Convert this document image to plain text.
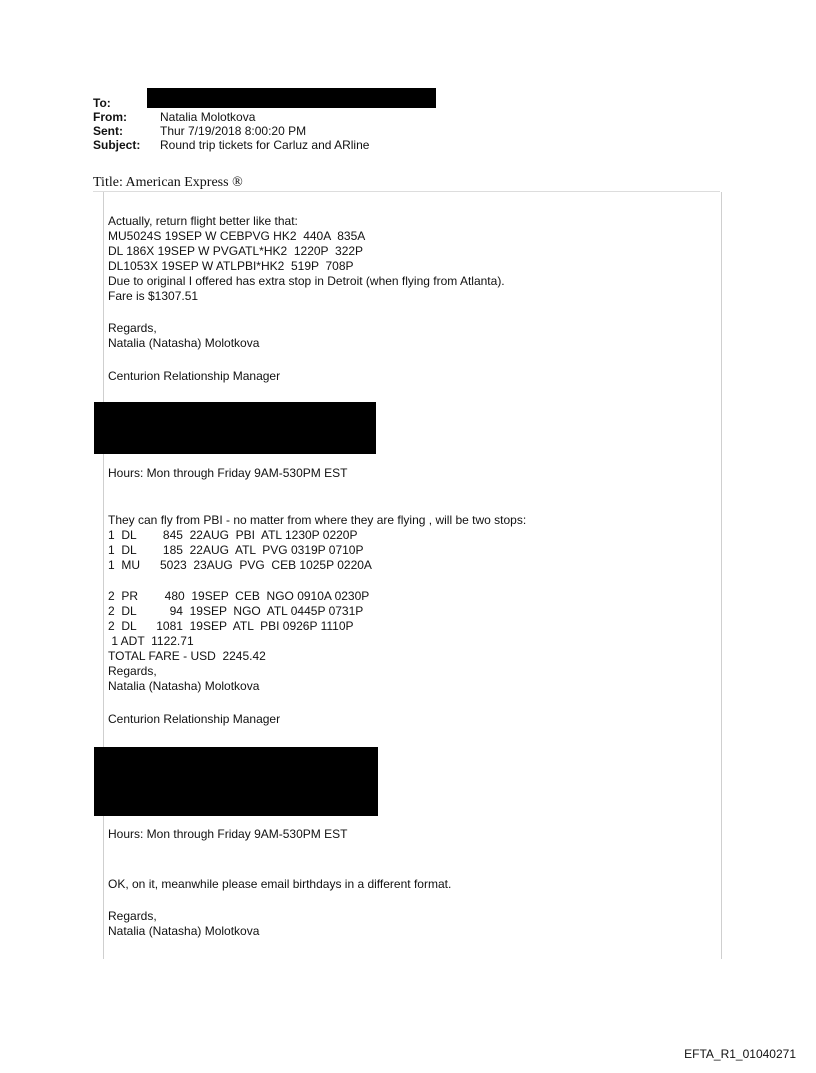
To:
From:	Natalia Molotkova
Sent:	Thur 7/19/2018 8:00:20 PM
Subject: Round trip tickets for Carluz and ARline
Title: American Express ®
Actually, return flight better like that:
MU5024S 19SEP W CEBPVG HK2  440A  835A
DL 186X 19SEP W PVGATL*HK2  1220P  322P
DL1053X 19SEP W ATLPBI*HK2  519P  708P
Due to original I offered has extra stop in Detroit (when flying from Atlanta).
Fare is $1307.51
Regards,
Natalia (Natasha) Molotkova
Centurion Relationship Manager
Hours: Mon through Friday 9AM-530PM EST
They can fly from PBI - no matter from where they are flying , will be two stops:
1  DL        845  22AUG  PBI  ATL 1230P 0220P
1  DL        185  22AUG  ATL  PVG 0319P 0710P
1  MU      5023  23AUG  PVG  CEB 1025P 0220A
2  PR        480  19SEP  CEB  NGO 0910A 0230P
2  DL          94  19SEP  NGO  ATL 0445P 0731P
2  DL      1081  19SEP  ATL  PBI 0926P 1110P
1 ADT  1122.71
TOTAL FARE - USD  2245.42
Regards,
Natalia (Natasha) Molotkova
Centurion Relationship Manager
Hours: Mon through Friday 9AM-530PM EST
OK, on it, meanwhile please email birthdays in a different format.
Regards,
Natalia (Natasha) Molotkova
EFTA_R1_01040271
